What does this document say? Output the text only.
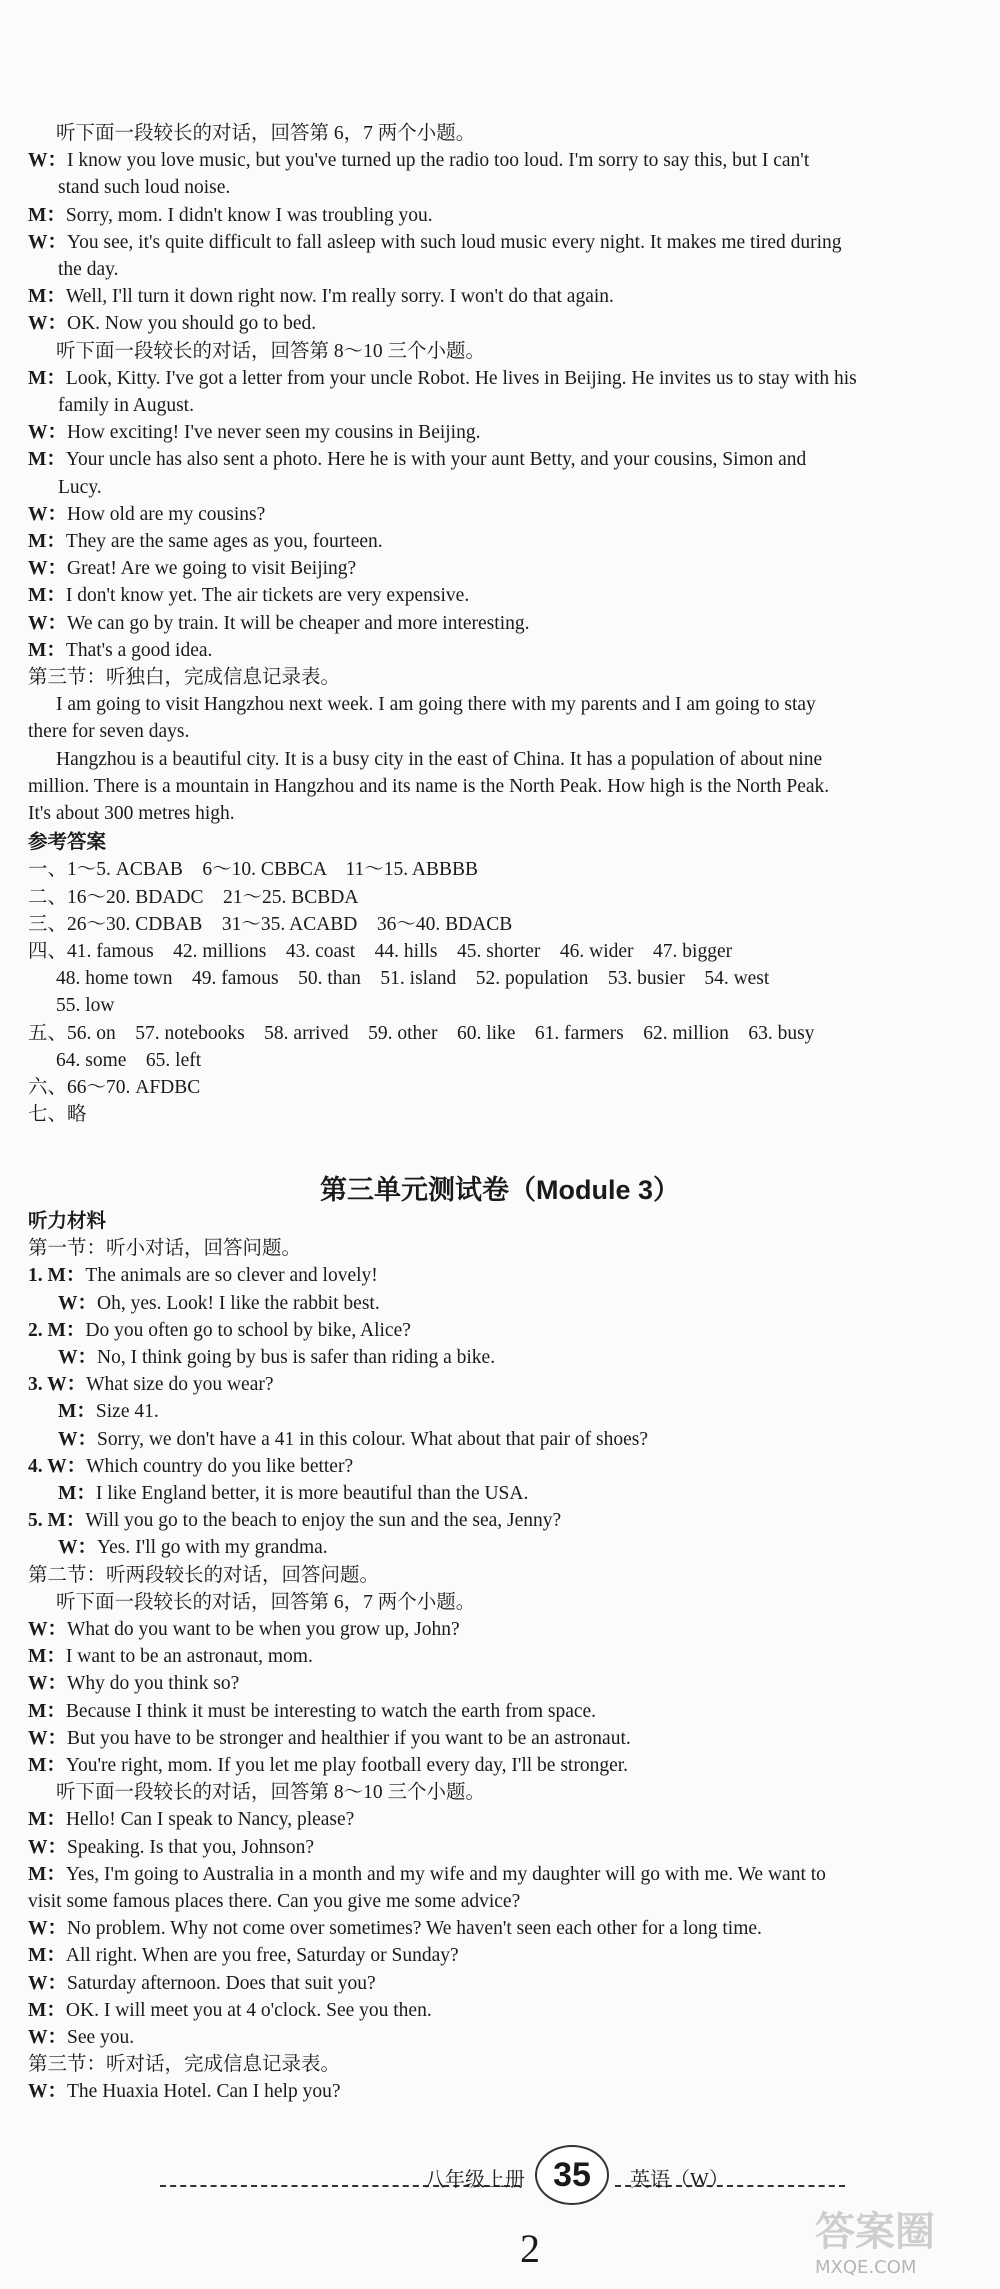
听下面一段较长的对话，回答第 6，7 两个小题。
W：I know you love music, but you've turned up the radio too loud. I'm sorry to say this, but I can't
stand such loud noise.
M：Sorry, mom. I didn't know I was troubling you.
W：You see, it's quite difficult to fall asleep with such loud music every night. It makes me tired during
the day.
M：Well, I'll turn it down right now. I'm really sorry. I won't do that again.
W：OK. Now you should go to bed.
听下面一段较长的对话，回答第 8～10 三个小题。
M：Look, Kitty. I've got a letter from your uncle Robot. He lives in Beijing. He invites us to stay with his
family in August.
W：How exciting! I've never seen my cousins in Beijing.
M：Your uncle has also sent a photo. Here he is with your aunt Betty, and your cousins, Simon and
Lucy.
W：How old are my cousins?
M：They are the same ages as you, fourteen.
W：Great! Are we going to visit Beijing?
M：I don't know yet. The air tickets are very expensive.
W：We can go by train. It will be cheaper and more interesting.
M：That's a good idea.
第三节：听独白，完成信息记录表。
I am going to visit Hangzhou next week. I am going there with my parents and I am going to stay
there for seven days.
Hangzhou is a beautiful city. It is a busy city in the east of China. It has a population of about nine
million. There is a mountain in Hangzhou and its name is the North Peak. How high is the North Peak.
It's about 300 metres high.
参考答案
一、1～5. ACBAB    6～10. CBBCA    11～15. ABBBB
二、16～20. BDADC    21～25. BCBDA
三、26～30. CDBAB    31～35. ACABD    36～40. BDACB
四、41. famous    42. millions    43. coast    44. hills    45. shorter    46. wider    47. bigger
48. home town    49. famous    50. than    51. island    52. population    53. busier    54. west
55. low
五、56. on    57. notebooks    58. arrived    59. other    60. like    61. farmers    62. million    63. busy
64. some    65. left
六、66～70. AFDBC
七、略
第三单元测试卷（Module 3）
听力材料
第一节：听小对话，回答问题。
1. M：The animals are so clever and lovely!
W：Oh, yes. Look! I like the rabbit best.
2. M：Do you often go to school by bike, Alice?
W：No, I think going by bus is safer than riding a bike.
3. W：What size do you wear?
M：Size 41.
W：Sorry, we don't have a 41 in this colour. What about that pair of shoes?
4. W：Which country do you like better?
M：I like England better, it is more beautiful than the USA.
5. M：Will you go to the beach to enjoy the sun and the sea, Jenny?
W：Yes. I'll go with my grandma.
第二节：听两段较长的对话，回答问题。
听下面一段较长的对话，回答第 6，7 两个小题。
W：What do you want to be when you grow up, John?
M：I want to be an astronaut, mom.
W：Why do you think so?
M：Because I think it must be interesting to watch the earth from space.
W：But you have to be stronger and healthier if you want to be an astronaut.
M：You're right, mom. If you let me play football every day, I'll be stronger.
听下面一段较长的对话，回答第 8～10 三个小题。
M：Hello! Can I speak to Nancy, please?
W：Speaking. Is that you, Johnson?
M：Yes, I'm going to Australia in a month and my wife and my daughter will go with me. We want to
visit some famous places there. Can you give me some advice?
W：No problem. Why not come over sometimes? We haven't seen each other for a long time.
M：All right. When are you free, Saturday or Sunday?
W：Saturday afternoon. Does that suit you?
M：OK. I will meet you at 4 o'clock. See you then.
W：See you.
第三节：听对话，完成信息记录表。
W：The Huaxia Hotel. Can I help you?
八年级上册 35	英语（W）
2	答案圈
MXQE.COM
